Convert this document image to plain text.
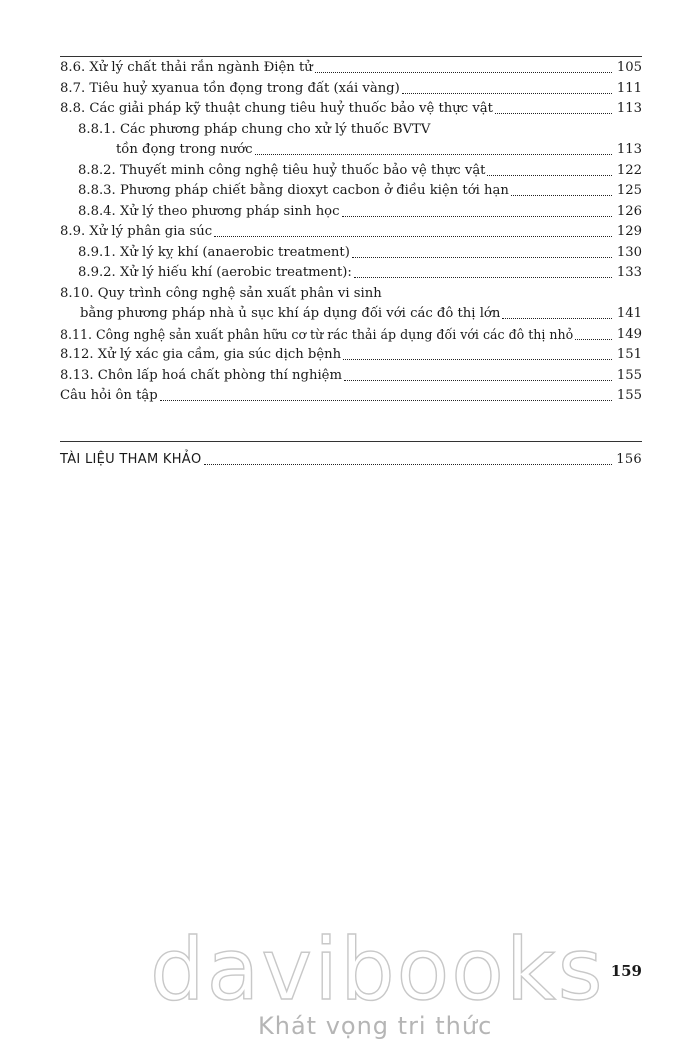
8.6. Xử lý chất thải rắn ngành Điện tử	105
8.7. Tiêu huỷ xyanua tồn đọng trong đất (xái vàng)	111
8.8. Các giải pháp kỹ thuật chung tiêu huỷ thuốc bảo vệ thực vật	113
8.8.1. Các phương pháp chung cho xử lý thuốc BVTV
tồn đọng trong nước	113
8.8.2. Thuyết minh công nghệ tiêu huỷ thuốc bảo vệ thực vật	122
8.8.3. Phương pháp chiết bằng dioxyt cacbon ở điều kiện tới hạn	125
8.8.4. Xử lý theo phương pháp sinh học	126
8.9. Xử lý phân gia súc	129
8.9.1. Xử lý kỵ khí (anaerobic treatment)	130
8.9.2. Xử lý hiếu khí (aerobic treatment):	133
8.10. Quy trình công nghệ sản xuất phân vi sinh
bằng phương pháp nhà ủ sục khí áp dụng đối với các đô thị lớn	141
8.11. Công nghệ sản xuất phân hữu cơ từ rác thải áp dụng đối với các đô thị nhỏ	149
8.12. Xử lý xác gia cầm, gia súc dịch bệnh	151
8.13. Chôn lấp hoá chất phòng thí nghiệm	155
Câu hỏi ôn tập	155
TÀI LIỆU THAM KHẢO	156
159
davibooks
Khát vọng tri thức
